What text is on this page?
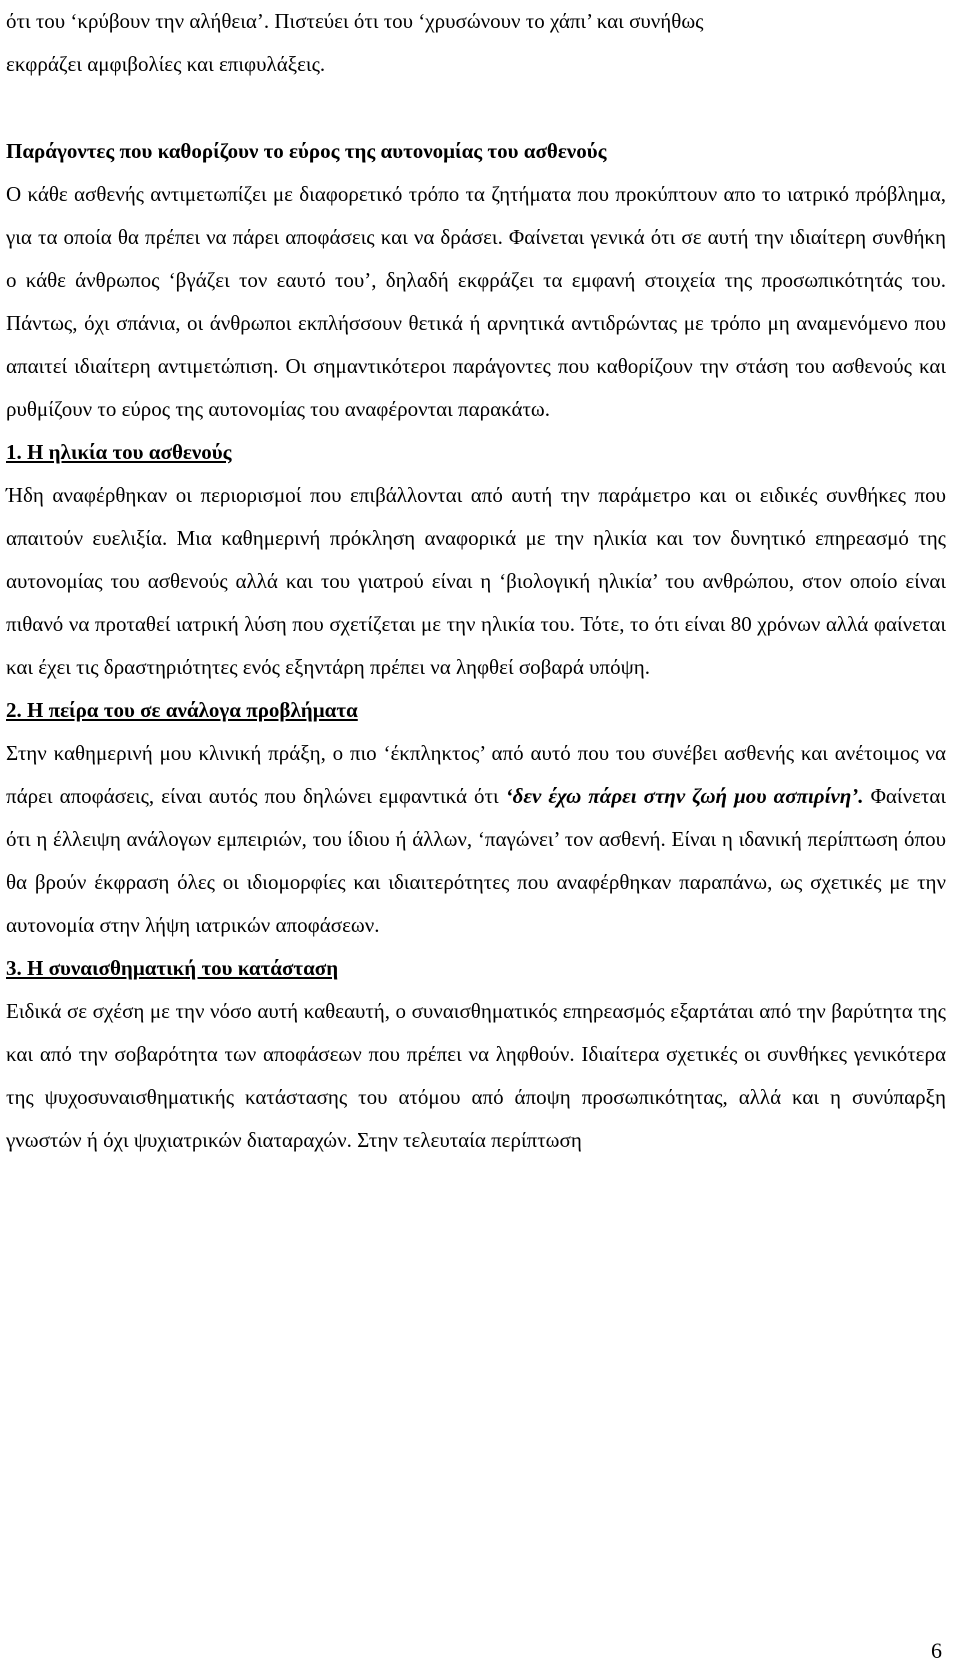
ότι του ‘κρύβουν την αλήθεια’. Πιστεύει ότι του ‘χρυσώνουν το χάπι’ και συνήθως
εκφράζει αμφιβολίες και επιφυλάξεις.
Παράγοντες που καθορίζουν το εύρος της αυτονομίας του ασθενούς

Ο κάθε ασθενής αντιμετωπίζει με διαφορετικό τρόπο τα ζητήματα που προκύπτουν απο το ιατρικό πρόβλημα, για τα οποία θα πρέπει να πάρει αποφάσεις και να δράσει. Φαίνεται γενικά ότι σε αυτή την ιδιαίτερη συνθήκη ο κάθε άνθρωπος ‘βγάζει τον εαυτό του’, δηλαδή εκφράζει τα εμφανή στοιχεία της προσωπικότητάς του. Πάντως, όχι σπάνια, οι άνθρωποι εκπλήσσουν θετικά ή αρνητικά αντιδρώντας με τρόπο μη αναμενόμενο που απαιτεί ιδιαίτερη αντιμετώπιση. Οι σημαντικότεροι παράγοντες που καθορίζουν την στάση του ασθενούς και ρυθμίζουν το εύρος της αυτονομίας του αναφέρονται παρακάτω.

1. Η ηλικία του ασθενούς

Ήδη αναφέρθηκαν οι περιορισμοί που επιβάλλονται από αυτή την παράμετρο και οι ειδικές συνθήκες που απαιτούν ευελιξία. Μια καθημερινή πρόκληση αναφορικά με την ηλικία και τον δυνητικό επηρεασμό της αυτονομίας του ασθενούς αλλά και του γιατρού είναι η ‘βιολογική ηλικία’ του ανθρώπου, στον οποίο είναι πιθανό να προταθεί ιατρική λύση που σχετίζεται με την ηλικία του. Τότε, το ότι είναι 80 χρόνων αλλά φαίνεται και έχει τις δραστηριότητες ενός εξηντάρη πρέπει να ληφθεί σοβαρά υπόψη.

2. Η πείρα του σε ανάλογα προβλήματα

Στην καθημερινή μου κλινική πράξη, ο πιο ‘έκπληκτος’ από αυτό που του συνέβει ασθενής και ανέτοιμος να πάρει αποφάσεις, είναι αυτός που δηλώνει εμφαντικά ότι ‘δεν έχω πάρει στην ζωή μου ασπιρίνη’. Φαίνεται ότι η έλλειψη ανάλογων εμπειριών, του ίδιου ή άλλων, ‘παγώνει’ τον ασθενή. Είναι η ιδανική περίπτωση όπου θα βρούν έκφραση όλες οι ιδιομορφίες και ιδιαιτερότητες που αναφέρθηκαν παραπάνω, ως σχετικές με την αυτονομία στην λήψη ιατρικών αποφάσεων.

3. Η συναισθηματική του κατάσταση

Ειδικά σε σχέση με την νόσο αυτή καθεαυτή, ο συναισθηματικός επηρεασμός εξαρτάται από την βαρύτητα της και από την σοβαρότητα των αποφάσεων που πρέπει να ληφθούν. Ιδιαίτερα σχετικές οι συνθήκες γενικότερα της ψυχοσυναισθηματικής κατάστασης του ατόμου από άποψη προσωπικότητας, αλλά και η συνύπαρξη γνωστών ή όχι ψυχιατρικών διαταραχών. Στην τελευταία περίπτωση

6
